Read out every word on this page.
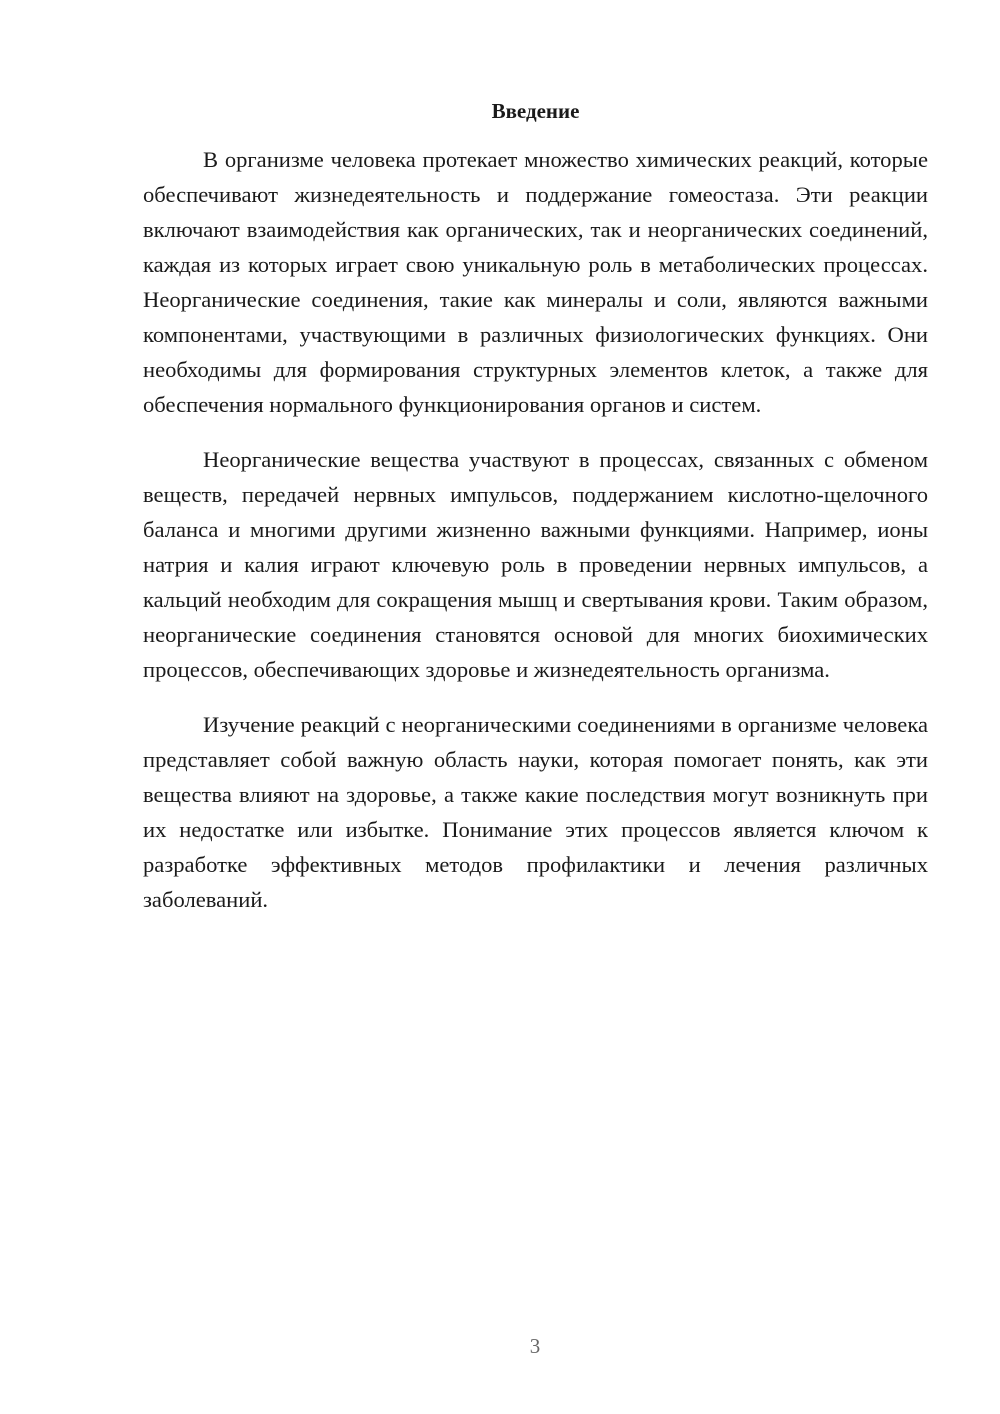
Введение

В организме человека протекает множество химических реакций, которые обеспечивают жизнедеятельность и поддержание гомеостаза. Эти реакции включают взаимодействия как органических, так и неорганических соединений, каждая из которых играет свою уникальную роль в метаболических процессах. Неорганические соединения, такие как минералы и соли, являются важными компонентами, участвующими в различных физиологических функциях. Они необходимы для формирования структурных элементов клеток, а также для обеспечения нормального функционирования органов и систем.

Неорганические вещества участвуют в процессах, связанных с обменом веществ, передачей нервных импульсов, поддержанием кислотно-щелочного баланса и многими другими жизненно важными функциями. Например, ионы натрия и калия играют ключевую роль в проведении нервных импульсов, а кальций необходим для сокращения мышц и свертывания крови. Таким образом, неорганические соединения становятся основой для многих биохимических процессов, обеспечивающих здоровье и жизнедеятельность организма.

Изучение реакций с неорганическими соединениями в организме человека представляет собой важную область науки, которая помогает понять, как эти вещества влияют на здоровье, а также какие последствия могут возникнуть при их недостатке или избытке. Понимание этих процессов является ключом к разработке эффективных методов профилактики и лечения различных заболеваний.

3
